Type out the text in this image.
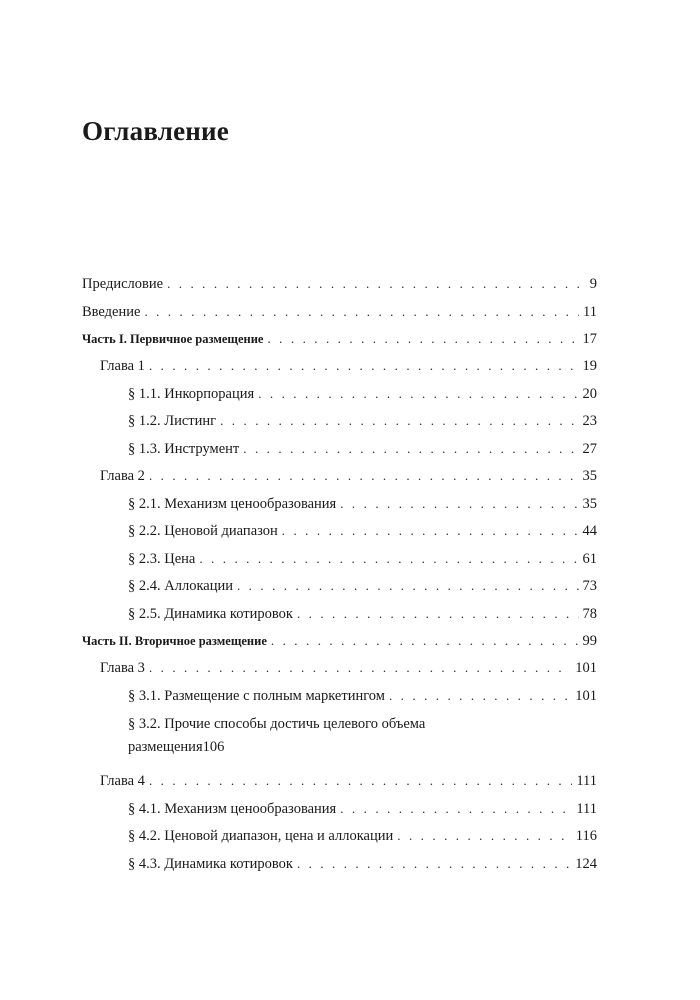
Оглавление
Предисловие . . .	9
Введение . . .	11
Часть I. Первичное размещение . . .	17
Глава 1 . . .	19
§ 1.1. Инкорпорация . . .	20
§ 1.2. Листинг . . .	23
§ 1.3. Инструмент . . .	27
Глава 2 . . .	35
§ 2.1. Механизм ценообразования . . .	35
§ 2.2. Ценовой диапазон . . .	44
§ 2.3. Цена . . .	61
§ 2.4. Аллокации . . .	73
§ 2.5. Динамика котировок . . .	78
Часть II. Вторичное размещение . . .	99
Глава 3 . . .	101
§ 3.1. Размещение с полным маркетингом . . .	101
§ 3.2. Прочие способы достичь целевого объема
размещения 106
Глава 4 . . .	111
§ 4.1. Механизм ценообразования . . .	111
§ 4.2. Ценовой диапазон, цена и аллокации . . .	116
§ 4.3. Динамика котировок . . .	124
